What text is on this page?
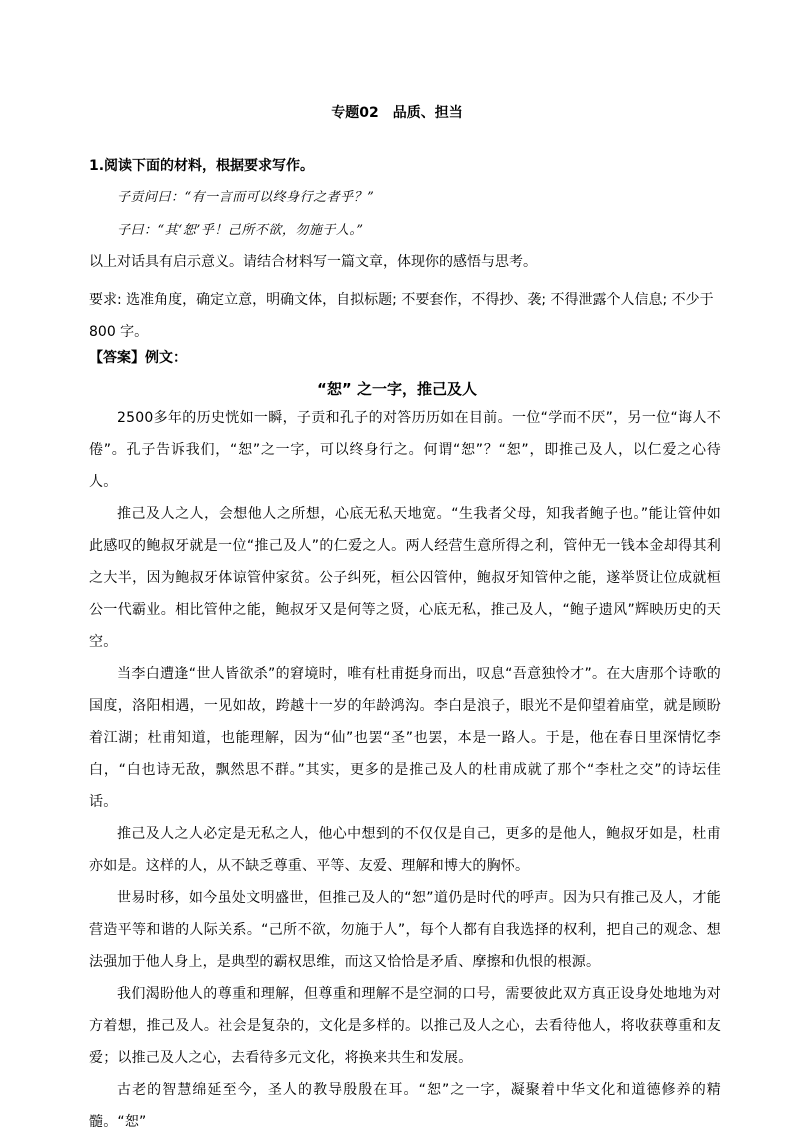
专题02　品质、担当
1.阅读下面的材料，根据要求写作。
子贡问曰：“有一言而可以终身行之者乎？”
子曰：“其‘恕’乎！己所不欲，勿施于人。”
以上对话具有启示意义。请结合材料写一篇文章，体现你的感悟与思考。
要求: 选准角度，确定立意，明确文体，自拟标题; 不要套作，不得抄、袭; 不得泄露个人信息; 不少于 800 字。
【答案】例文：
“恕” 之一字，推己及人

2500多年的历史恍如一瞬，子贡和孔子的对答历历如在目前。一位“学而不厌”，另一位“诲人不倦”。孔子告诉我们，“恕”之一字，可以终身行之。何谓“恕”？“恕”，即推己及人，以仁爱之心待人。

推己及人之人，会想他人之所想，心底无私天地宽。“生我者父母，知我者鲍子也。”能让管仲如此感叹的鲍叔牙就是一位“推己及人”的仁爱之人。两人经营生意所得之利，管仲无一钱本金却得其利之大半，因为鲍叔牙体谅管仲家贫。公子纠死，桓公囚管仲，鲍叔牙知管仲之能，遂举贤让位成就桓公一代霸业。相比管仲之能，鲍叔牙又是何等之贤，心底无私，推己及人，“鲍子遗风”辉映历史的天空。

当李白遭逢“世人皆欲杀”的窘境时，唯有杜甫挺身而出，叹息“吾意独怜才”。在大唐那个诗歌的国度，洛阳相遇，一见如故，跨越十一岁的年龄鸿沟。李白是浪子，眼光不是仰望着庙堂，就是顾盼着江湖；杜甫知道，也能理解，因为“仙”也罢“圣”也罢，本是一路人。于是，他在春日里深情忆李白，“白也诗无敌，飘然思不群。”其实，更多的是推己及人的杜甫成就了那个“李杜之交”的诗坛佳话。

推己及人之人必定是无私之人，他心中想到的不仅仅是自己，更多的是他人，鲍叔牙如是，杜甫亦如是。这样的人，从不缺乏尊重、平等、友爱、理解和博大的胸怀。

世易时移，如今虽处文明盛世，但推己及人的“恕”道仍是时代的呼声。因为只有推己及人，才能营造平等和谐的人际关系。“己所不欲，勿施于人”，每个人都有自我选择的权利，把自己的观念、想法强加于他人身上，是典型的霸权思维，而这又恰恰是矛盾、摩擦和仇恨的根源。

我们渴盼他人的尊重和理解，但尊重和理解不是空洞的口号，需要彼此双方真正设身处地地为对方着想，推己及人。社会是复杂的，文化是多样的。以推己及人之心，去看待他人，将收获尊重和友爱；以推己及人之心，去看待多元文化，将换来共生和发展。

古老的智慧绵延至今，圣人的教导殷殷在耳。“恕”之一字，凝聚着中华文化和道德修养的精髓。“恕”
